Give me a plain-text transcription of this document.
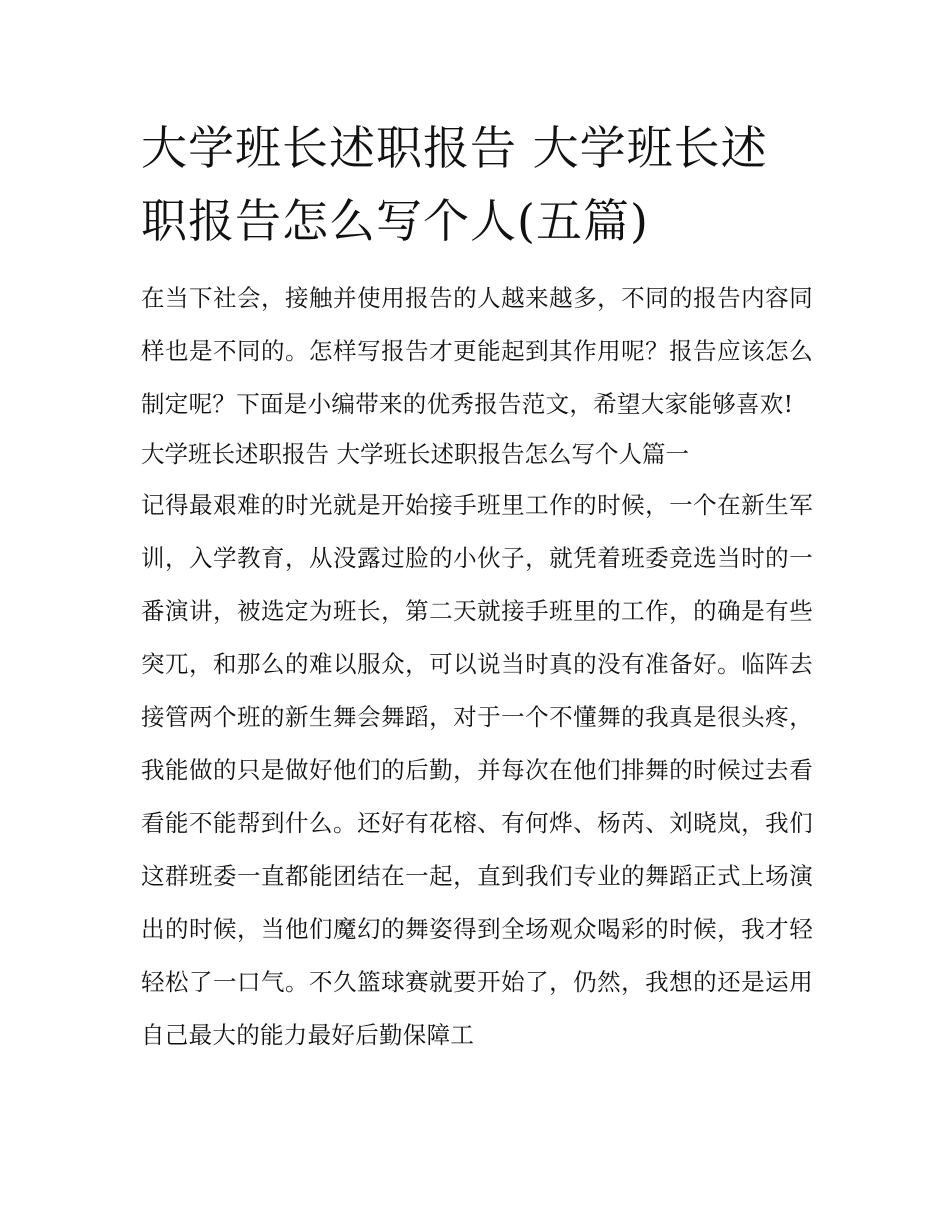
大学班长述职报告 大学班长述职报告怎么写个人(五篇)

在当下社会，接触并使用报告的人越来越多，不同的报告内容同样也是不同的。怎样写报告才更能起到其作用呢？报告应该怎么制定呢？下面是小编带来的优秀报告范文，希望大家能够喜欢!

大学班长述职报告 大学班长述职报告怎么写个人篇一

记得最艰难的时光就是开始接手班里工作的时候，一个在新生军训，入学教育，从没露过脸的小伙子，就凭着班委竞选当时的一番演讲，被选定为班长，第二天就接手班里的工作，的确是有些突兀，和那么的难以服众，可以说当时真的没有准备好。临阵去接管两个班的新生舞会舞蹈，对于一个不懂舞的我真是很头疼，我能做的只是做好他们的后勤，并每次在他们排舞的时候过去看看能不能帮到什么。还好有花榕、有何烨、杨芮、刘晓岚，我们这群班委一直都能团结在一起，直到我们专业的舞蹈正式上场演出的时候，当他们魔幻的舞姿得到全场观众喝彩的时候，我才轻轻松了一口气。不久篮球赛就要开始了，仍然，我想的还是运用自己最大的能力最好后勤保障工
